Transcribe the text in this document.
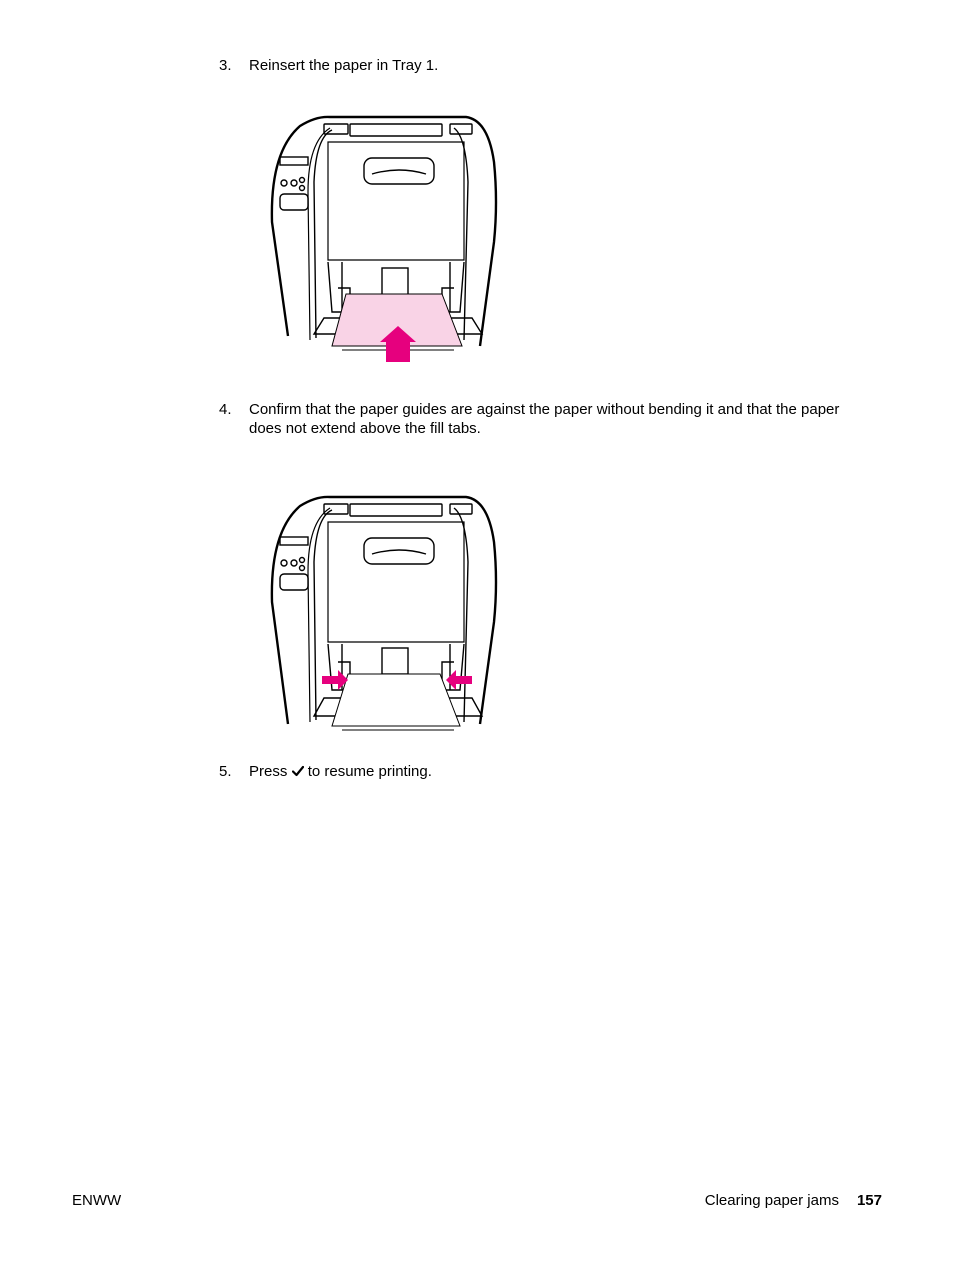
3. Reinsert the paper in Tray 1.
4. Confirm that the paper guides are against the paper without bending it and that the paper
does not extend above the fill tabs.
5. Press to resume printing.
ENWW	Clearing paper jams 157
